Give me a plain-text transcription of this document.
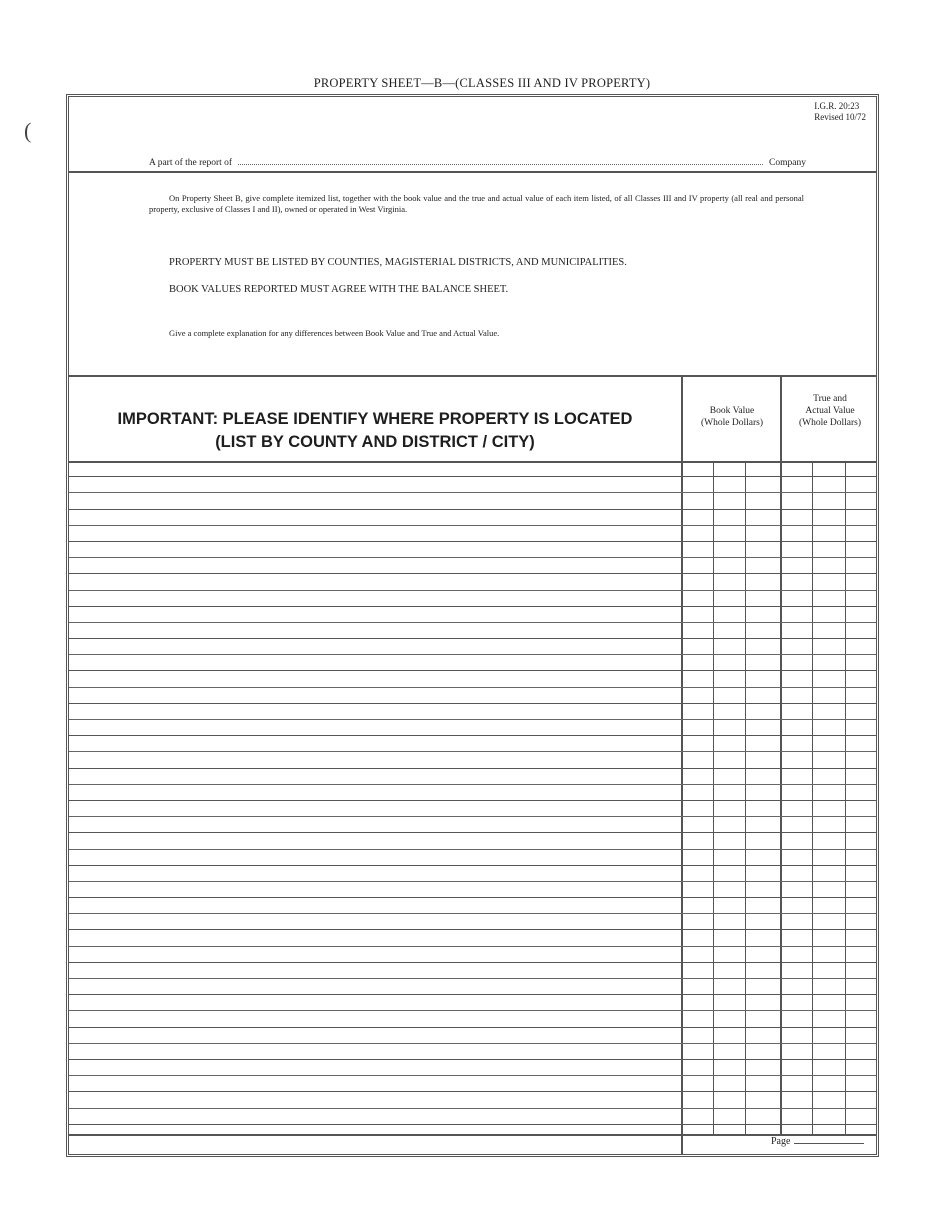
PROPERTY SHEET—B—(CLASSES III AND IV PROPERTY)
I.G.R. 20:23
Revised 10/72
A part of the report of	Company
On Property Sheet B, give complete itemized list, together with the book value and the true and actual value of each item listed, of all Classes III and IV property (all real and personal property, exclusive of Classes I and II), owned or operated in West Virginia.
PROPERTY MUST BE LISTED BY COUNTIES, MAGISTERIAL DISTRICTS, AND MUNICIPALITIES.
BOOK VALUES REPORTED MUST AGREE WITH THE BALANCE SHEET.
Give a complete explanation for any differences between Book Value and True and Actual Value.
IMPORTANT: PLEASE IDENTIFY WHERE PROPERTY IS LOCATED
(LIST BY COUNTY AND DISTRICT / CITY)
Book Value
(Whole Dollars)
True and
Actual Value
(Whole Dollars)
Page
(
